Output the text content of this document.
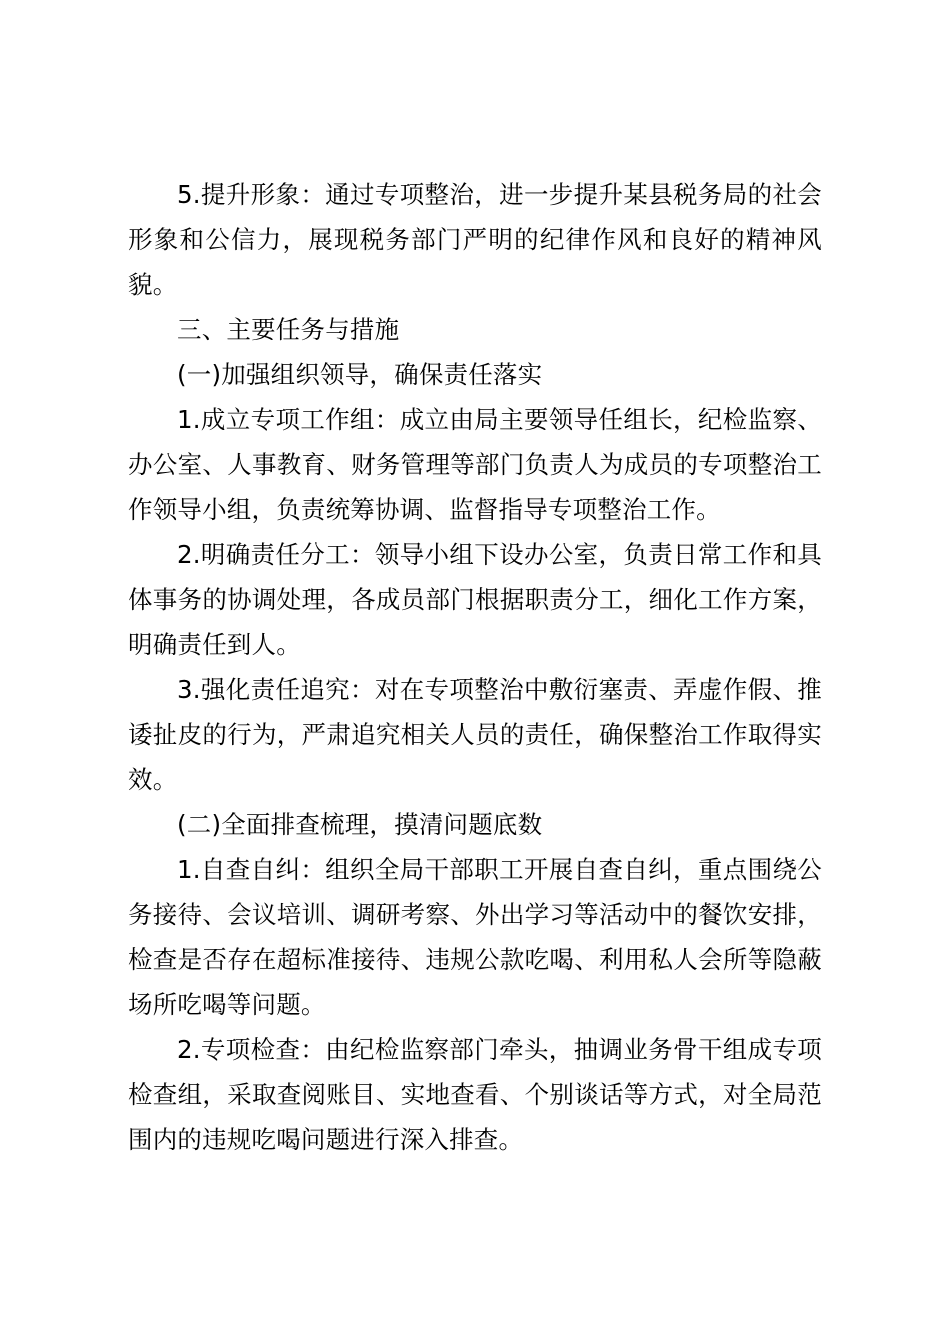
5.提升形象：通过专项整治，进一步提升某县税务局的社会形象和公信力，展现税务部门严明的纪律作风和良好的精神风貌。

三、主要任务与措施

(一)加强组织领导，确保责任落实

1.成立专项工作组：成立由局主要领导任组长，纪检监察、办公室、人事教育、财务管理等部门负责人为成员的专项整治工作领导小组，负责统筹协调、监督指导专项整治工作。

2.明确责任分工：领导小组下设办公室，负责日常工作和具体事务的协调处理，各成员部门根据职责分工，细化工作方案，明确责任到人。

3.强化责任追究：对在专项整治中敷衍塞责、弄虚作假、推诿扯皮的行为，严肃追究相关人员的责任，确保整治工作取得实效。

(二)全面排查梳理，摸清问题底数

1.自查自纠：组织全局干部职工开展自查自纠，重点围绕公务接待、会议培训、调研考察、外出学习等活动中的餐饮安排，检查是否存在超标准接待、违规公款吃喝、利用私人会所等隐蔽场所吃喝等问题。

2.专项检查：由纪检监察部门牵头，抽调业务骨干组成专项检查组，采取查阅账目、实地查看、个别谈话等方式，对全局范围内的违规吃喝问题进行深入排查。
